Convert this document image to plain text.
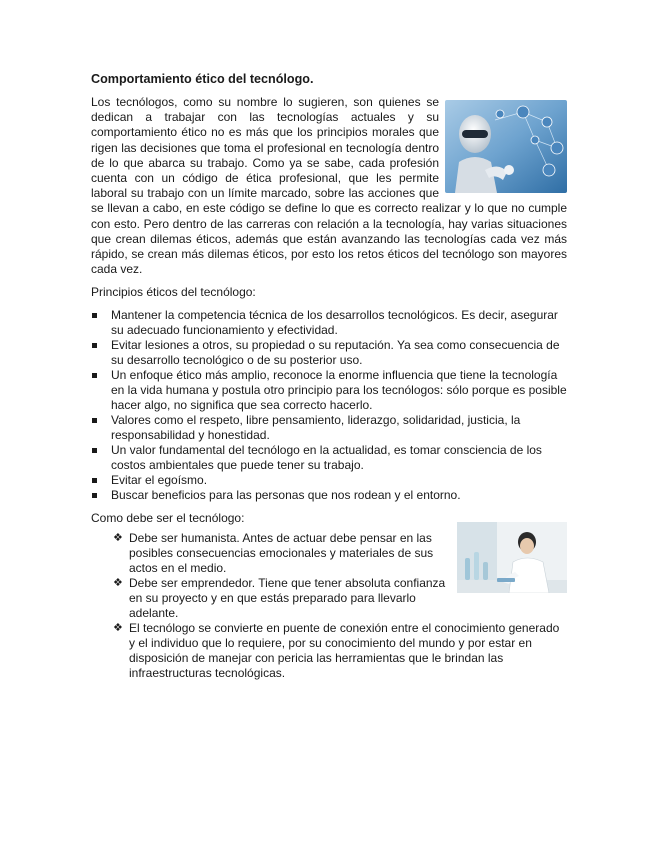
Comportamiento ético del tecnólogo.

Los tecnólogos, como su nombre lo sugieren, son quienes se dedican a trabajar con las tecnologías actuales y su comportamiento ético no es más que los principios morales que rigen las decisiones que toma el profesional en tecnología dentro de lo que abarca su trabajo. Como ya se sabe, cada profesión cuenta con un código de ética profesional, que les permite laboral su trabajo con un límite marcado, sobre las acciones que se llevan a cabo, en este código se define lo que es correcto realizar y lo que no cumple con esto. Pero dentro de las carreras con relación a la tecnología, hay varias situaciones que crean dilemas éticos, además que están avanzando las tecnologías cada vez más rápido, se crean más dilemas éticos, por esto los retos éticos del tecnólogo son mayores cada vez.

Principios éticos del tecnólogo:

Mantener la competencia técnica de los desarrollos tecnológicos. Es decir, asegurar su adecuado funcionamiento y efectividad.
Evitar lesiones a otros, su propiedad o su reputación. Ya sea como consecuencia de su desarrollo tecnológico o de su posterior uso.
Un enfoque ético más amplio, reconoce la enorme influencia que tiene la tecnología en la vida humana y postula otro principio para los tecnólogos: sólo porque es posible hacer algo, no significa que sea correcto hacerlo.
Valores como el respeto, libre pensamiento, liderazgo, solidaridad, justicia, la responsabilidad y honestidad.
Un valor fundamental del tecnólogo en la actualidad, es tomar consciencia de los costos ambientales que puede tener su trabajo.
Evitar el egoísmo.
Buscar beneficios para las personas que nos rodean y el entorno.

Como debe ser el tecnólogo:

❖ Debe ser humanista. Antes de actuar debe pensar en las posibles consecuencias emocionales y materiales de sus actos en el medio.
❖ Debe ser emprendedor. Tiene que tener absoluta confianza en su proyecto y en que estás preparado para llevarlo adelante.
❖ El tecnólogo se convierte en puente de conexión entre el conocimiento generado y el individuo que lo requiere, por su conocimiento del mundo y por estar en disposición de manejar con pericia las herramientas que le brindan las infraestructuras tecnológicas.
